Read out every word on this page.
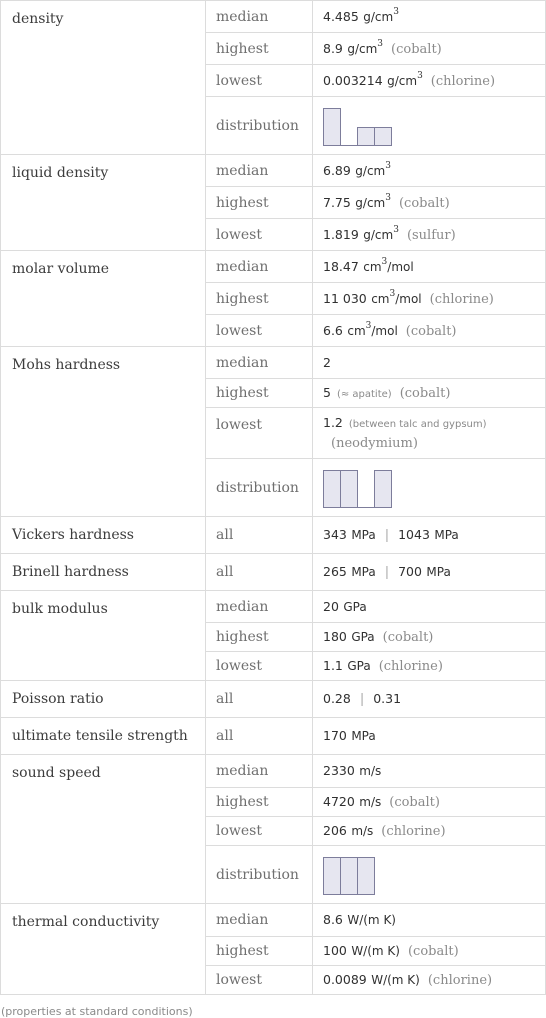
density	median	4.485 $g/cm^3$
	highest	8.9 $g/cm^3$ (cobalt)
	lowest	0.003214 $g/cm^3$ (chlorine)
	distribution	

liquid density	median	6.89 $g/cm^3$
	highest	7.75 $g/cm^3$ (cobalt)
	lowest	1.819 $g/cm^3$ (sulfur)
molar volume	median	18.47 $cm^3$/mol
	highest	11 030 $cm^3$/mol (chlorine)
	lowest	6.6 $cm^3$/mol (cobalt)
Mohs hardness	median	2
	highest	5 (≈ apatite) (cobalt)
	lowest	1.2 (between talc and gypsum)
(neodymium)
	distribution	

Vickers hardness	all	343 MPa | 1043 MPa
Brinell hardness	all	265 MPa | 700 MPa
bulk modulus	median	20 GPa
	highest	180 GPa (cobalt)
	lowest	1.1 GPa (chlorine)
Poisson ratio	all	0.28 | 0.31
ultimate tensile strength	all	170 MPa
sound speed	median	2330 m/s
	highest	4720 m/s (cobalt)
	lowest	206 m/s (chlorine)
	distribution	

thermal conductivity	median	8.6 W/(m K)
	highest	100 W/(m K) (cobalt)
	lowest	0.0089 W/(m K) (chlorine)
(properties at standard conditions)
